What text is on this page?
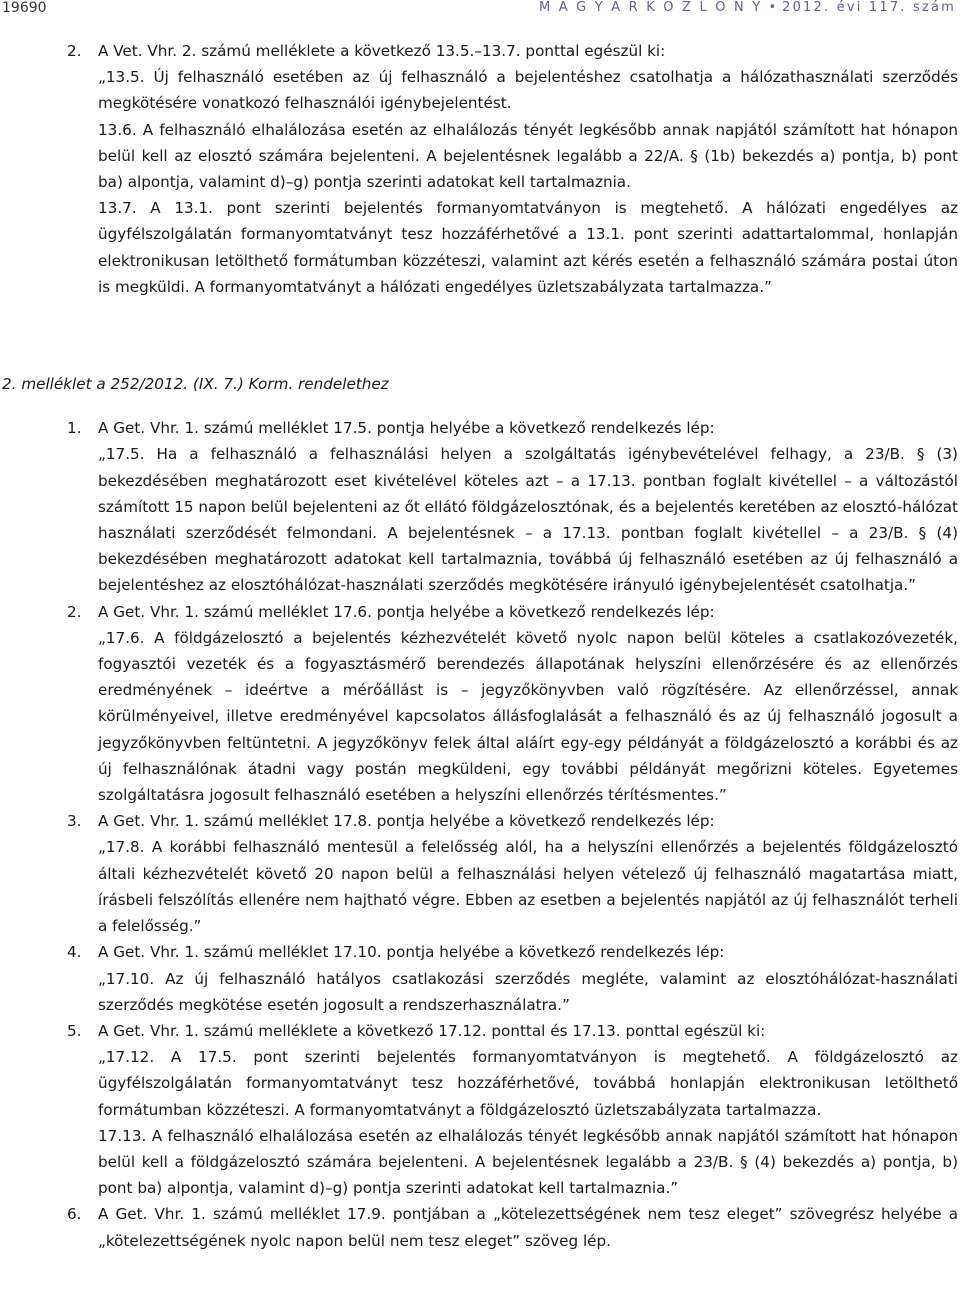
19690	M A G Y A R K Ö Z L Ö N Y • 2012. évi 117. szám

2. A Vet. Vhr. 2. számú melléklete a következő 13.5.–13.7. ponttal egészül ki:

„13.5. Új felhasználó esetében az új felhasználó a bejelentéshez csatolhatja a hálózathasználati szerződés megkötésére vonatkozó felhasználói igénybejelentést.

13.6. A felhasználó elhalálozása esetén az elhalálozás tényét legkésőbb annak napjától számított hat hónapon belül kell az elosztó számára bejelenteni. A bejelentésnek legalább a 22/A. § (1b) bekezdés a) pontja, b) pont ba) alpontja, valamint d)–g) pontja szerinti adatokat kell tartalmaznia.

13.7. A 13.1. pont szerinti bejelentés formanyomtatványon is megtehető. A hálózati engedélyes az ügyfélszolgálatán formanyomtatványt tesz hozzáférhetővé a 13.1. pont szerinti adattartalommal, honlapján elektronikusan letölthető formátumban közzéteszi, valamint azt kérés esetén a felhasználó számára postai úton is megküldi. A formanyomtatványt a hálózati engedélyes üzletszabályzata tartalmazza.”

2. melléklet a 252/2012. (IX. 7.) Korm. rendelethez

1. A Get. Vhr. 1. számú melléklet 17.5. pontja helyébe a következő rendelkezés lép:

„17.5. Ha a felhasználó a felhasználási helyen a szolgáltatás igénybevételével felhagy, a 23/B. § (3) bekezdésében meghatározott eset kivételével köteles azt – a 17.13. pontban foglalt kivétellel – a változástól számított 15 napon belül bejelenteni az őt ellátó földgázelosztónak, és a bejelentés keretében az elosztó-hálózat használati szerződését felmondani. A bejelentésnek – a 17.13. pontban foglalt kivétellel – a 23/B. § (4) bekezdésében meghatározott adatokat kell tartalmaznia, továbbá új felhasználó esetében az új felhasználó a bejelentéshez az elosztóhálózat-használati szerződés megkötésére irányuló igénybejelentését csatolhatja.”

2. A Get. Vhr. 1. számú melléklet 17.6. pontja helyébe a következő rendelkezés lép:

„17.6. A földgázelosztó a bejelentés kézhezvételét követő nyolc napon belül köteles a csatlakozóvezeték, fogyasztói vezeték és a fogyasztásmérő berendezés állapotának helyszíni ellenőrzésére és az ellenőrzés eredményének – ideértve a mérőállást is – jegyzőkönyvben való rögzítésére. Az ellenőrzéssel, annak körülményeivel, illetve eredményével kapcsolatos állásfoglalását a felhasználó és az új felhasználó jogosult a jegyzőkönyvben feltüntetni. A jegyzőkönyv felek által aláírt egy-egy példányát a földgázelosztó a korábbi és az új felhasználónak átadni vagy postán megküldeni, egy további példányát megőrizni köteles. Egyetemes szolgáltatásra jogosult felhasználó esetében a helyszíni ellenőrzés térítésmentes.”

3. A Get. Vhr. 1. számú melléklet 17.8. pontja helyébe a következő rendelkezés lép:

„17.8. A korábbi felhasználó mentesül a felelősség alól, ha a helyszíni ellenőrzés a bejelentés földgázelosztó általi kézhezvételét követő 20 napon belül a felhasználási helyen vételező új felhasználó magatartása miatt, írásbeli felszólítás ellenére nem hajtható végre. Ebben az esetben a bejelentés napjától az új felhasználót terheli a felelősség.”

4. A Get. Vhr. 1. számú melléklet 17.10. pontja helyébe a következő rendelkezés lép:

„17.10. Az új felhasználó hatályos csatlakozási szerződés megléte, valamint az elosztóhálózat-használati szerződés megkötése esetén jogosult a rendszerhasználatra.”

5. A Get. Vhr. 1. számú melléklete a következő 17.12. ponttal és 17.13. ponttal egészül ki:

„17.12. A 17.5. pont szerinti bejelentés formanyomtatványon is megtehető. A földgázelosztó az ügyfélszolgálatán formanyomtatványt tesz hozzáférhetővé, továbbá honlapján elektronikusan letölthető formátumban közzéteszi. A formanyomtatványt a földgázelosztó üzletszabályzata tartalmazza.

17.13. A felhasználó elhalálozása esetén az elhalálozás tényét legkésőbb annak napjától számított hat hónapon belül kell a földgázelosztó számára bejelenteni. A bejelentésnek legalább a 23/B. § (4) bekezdés a) pontja, b) pont ba) alpontja, valamint d)–g) pontja szerinti adatokat kell tartalmaznia.”

6.	A Get. Vhr. 1. számú melléklet 17.9. pontjában a „kötelezettségének nem tesz eleget” szövegrész helyébe a „kötelezettségének nyolc napon belül nem tesz eleget” szöveg lép.
